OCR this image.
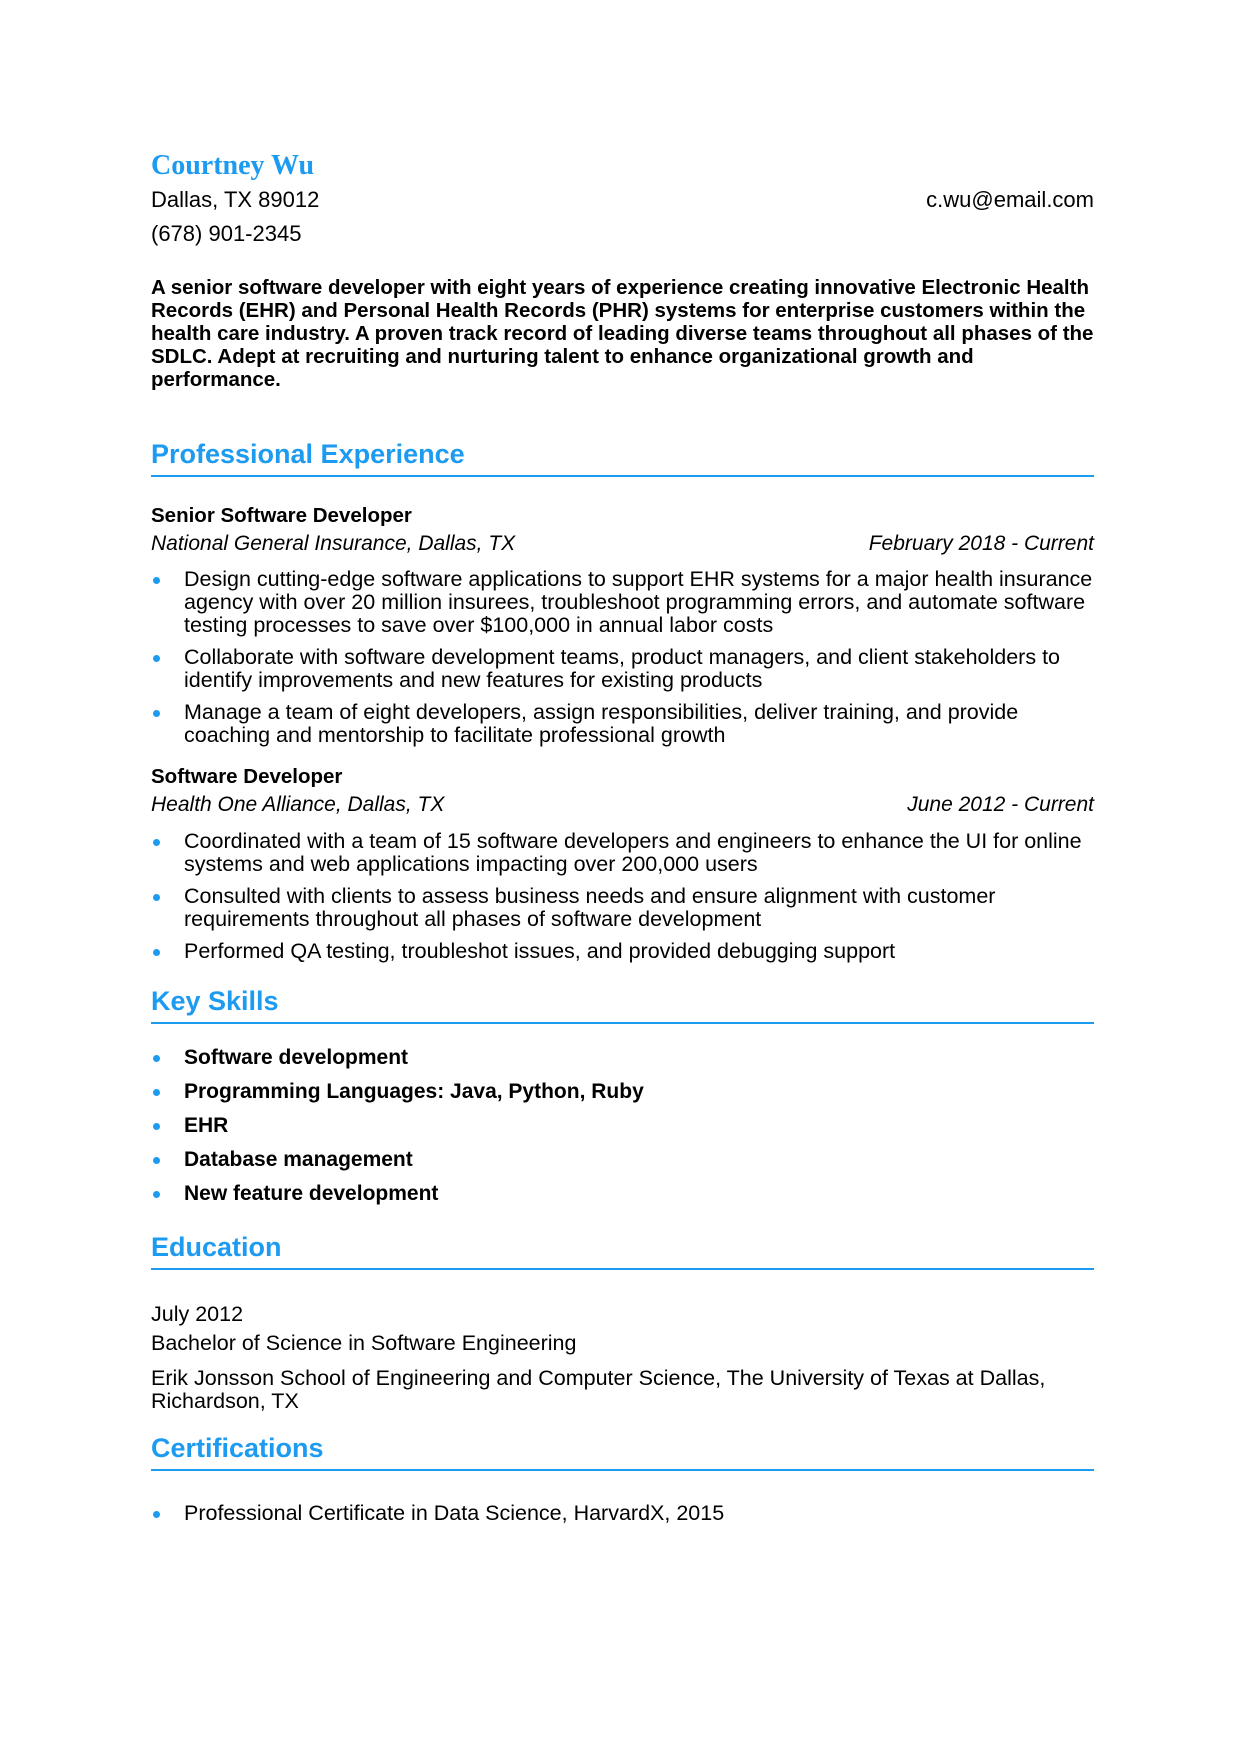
Courtney Wu
Dallas, TX 89012	c.wu@email.com
(678) 901-2345

A senior software developer with eight years of experience creating innovative Electronic Health Records (EHR) and Personal Health Records (PHR) systems for enterprise customers within the health care industry. A proven track record of leading diverse teams throughout all phases of the SDLC. Adept at recruiting and nurturing talent to enhance organizational growth and performance.

Professional Experience
Senior Software Developer
National General Insurance, Dallas, TX	February 2018 - Current
Design cutting-edge software applications to support EHR systems for a major health insurance agency with over 20 million insurees, troubleshoot programming errors, and automate software testing processes to save over $100,000 in annual labor costs
Collaborate with software development teams, product managers, and client stakeholders to identify improvements and new features for existing products
Manage a team of eight developers, assign responsibilities, deliver training, and provide coaching and mentorship to facilitate professional growth
Software Developer
Health One Alliance, Dallas, TX	June 2012 - Current
Coordinated with a team of 15 software developers and engineers to enhance the UI for online systems and web applications impacting over 200,000 users
Consulted with clients to assess business needs and ensure alignment with customer requirements throughout all phases of software development
Performed QA testing, troubleshot issues, and provided debugging support
Key Skills
Software development
Programming Languages: Java, Python, Ruby
EHR
Database management
New feature development
Education
July 2012
Bachelor of Science in Software Engineering
Erik Jonsson School of Engineering and Computer Science, The University of Texas at Dallas, Richardson, TX
Certifications
Professional Certificate in Data Science, HarvardX, 2015
